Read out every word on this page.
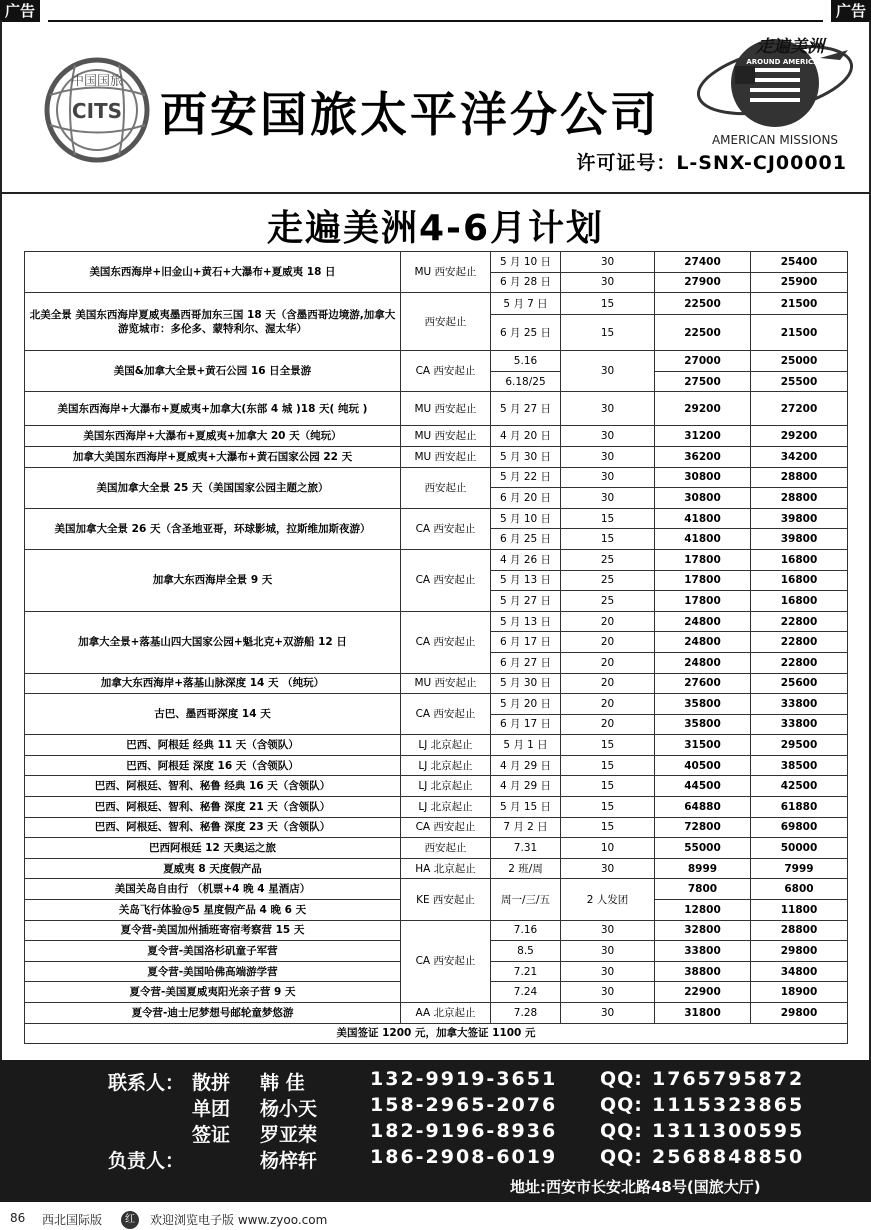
广告	广告
中国国旅
CITS 西安国旅太平洋分公司
走遍美洲
AROUND AMERICAS
AMERICAN MISSIONS
许可证号：L-SNX-CJ00001
走遍美洲4-6月计划
美国东西海岸+旧金山+黄石+大瀑布+夏威夷 18 日	MU 西安起止	5 月 10 日	30	27400	25400
		6 月 28 日	30	27900	25900
北美全景 美国东西海岸夏威夷墨西哥加东三国 18 天（含墨西哥边境游,加拿大游览城市：多伦多、蒙特利尔、渥太华）	西安起止	5 月 7 日	15	22500	21500
		6 月 25 日	15	22500	21500
美国&加拿大全景+黄石公园 16 日全景游	CA 西安起止	5.16	30	27000	25000
		6.18/25		27500	25500
美国东西海岸+大瀑布+夏威夷+加拿大(东部 4 城 )18 天( 纯玩 )	MU 西安起止	5 月 27 日	30	29200	27200
美国东西海岸+大瀑布+夏威夷+加拿大 20 天（纯玩）	MU 西安起止	4 月 20 日	30	31200	29200
加拿大美国东西海岸+夏威夷+大瀑布+黄石国家公园 22 天	MU 西安起止	5 月 30 日	30	36200	34200
美国加拿大全景 25 天（美国国家公园主题之旅）	西安起止	5 月 22 日	30	30800	28800
		6 月 20 日	30	30800	28800
美国加拿大全景 26 天（含圣地亚哥，环球影城，拉斯维加斯夜游）	CA 西安起止	5 月 10 日	15	41800	39800
		6 月 25 日	15	41800	39800
加拿大东西海岸全景 9 天	CA 西安起止	4 月 26 日	25	17800	16800
		5 月 13 日	25	17800	16800
		5 月 27 日	25	17800	16800
加拿大全景+落基山四大国家公园+魁北克+双游船 12 日	CA 西安起止	5 月 13 日	20	24800	22800
		6 月 17 日	20	24800	22800
		6 月 27 日	20	24800	22800
加拿大东西海岸+落基山脉深度 14 天 （纯玩）	MU 西安起止	5 月 30 日	20	27600	25600
古巴、墨西哥深度 14 天	CA 西安起止	5 月 20 日	20	35800	33800
		6 月 17 日	20	35800	33800
巴西、阿根廷 经典 11 天（含领队）	LJ 北京起止	5 月 1 日	15	31500	29500
巴西、阿根廷 深度 16 天（含领队）	LJ 北京起止	4 月 29 日	15	40500	38500
巴西、阿根廷、智利、秘鲁 经典 16 天（含领队）	LJ 北京起止	4 月 29 日	15	44500	42500
巴西、阿根廷、智利、秘鲁 深度 21 天（含领队）	LJ 北京起止	5 月 15 日	15	64880	61880
巴西、阿根廷、智利、秘鲁 深度 23 天（含领队）	CA 西安起止	7 月 2 日	15	72800	69800
巴西阿根廷 12 天奥运之旅	西安起止	7.31	10	55000	50000
夏威夷 8 天度假产品	HA 北京起止	2 班/周	30	8999	7999
美国关岛自由行 （机票+4 晚 4 星酒店）	KE 西安起止	周一/三/五	2 人发团	7800	6800
关岛飞行体验@5 星度假产品 4 晚 6 天				12800	11800
夏令营-美国加州插班寄宿考察营 15 天	CA 西安起止	7.16	30	32800	28800
夏令营-美国洛杉矶童子军营		8.5	30	33800	29800
夏令营-美国哈佛高端游学营		7.21	30	38800	34800
夏令营-美国夏威夷阳光亲子营 9 天		7.24	30	22900	18900
夏令营-迪士尼梦想号邮轮童梦悠游	AA 北京起止	7.28	30	31800	29800
美国签证 1200 元，加拿大签证 1100 元					
联系人： 散拼 韩 佳	132-9919-3651 QQ: 1765795872
单团 杨小天	158-2965-2076 QQ: 1115323865
签证 罗亚荣	182-9196-8936 QQ: 1311300595
负责人：	杨梓轩	186-2908-6019 QQ: 2568848850
地址:西安市长安北路48号(国旅大厅)
86 西北国际版	红	欢迎浏览电子版 www.zyoo.com
